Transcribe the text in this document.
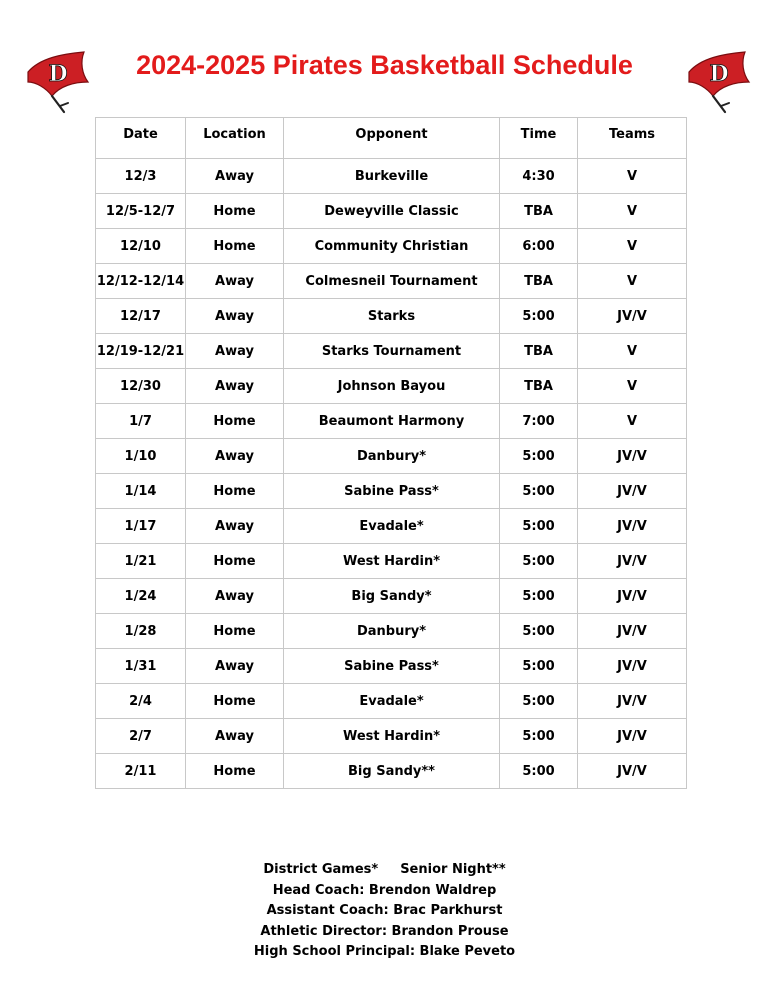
D	2024-2025 Pirates Basketball Schedule	D
Date	Location	Opponent	Time	Teams
12/3	Away	Burkeville	4:30	V
12/5-12/7	Home	Deweyville Classic	TBA	V
12/10	Home	Community Christian	6:00	V
12/12-12/14	Away	Colmesneil Tournament	TBA	V
12/17	Away	Starks	5:00	JV/V
12/19-12/21	Away	Starks Tournament	TBA	V
12/30	Away	Johnson Bayou	TBA	V
1/7	Home	Beaumont Harmony	7:00	V
1/10	Away	Danbury*	5:00	JV/V
1/14	Home	Sabine Pass*	5:00	JV/V
1/17	Away	Evadale*	5:00	JV/V
1/21	Home	West Hardin*	5:00	JV/V
1/24	Away	Big Sandy*	5:00	JV/V
1/28	Home	Danbury*	5:00	JV/V
1/31	Away	Sabine Pass*	5:00	JV/V
2/4	Home	Evadale*	5:00	JV/V
2/7	Away	West Hardin*	5:00	JV/V
2/11	Home	Big Sandy**	5:00	JV/V
District Games* Senior Night**
Head Coach: Brendon Waldrep
Assistant Coach: Brac Parkhurst
Athletic Director: Brandon Prouse
High School Principal: Blake Peveto
